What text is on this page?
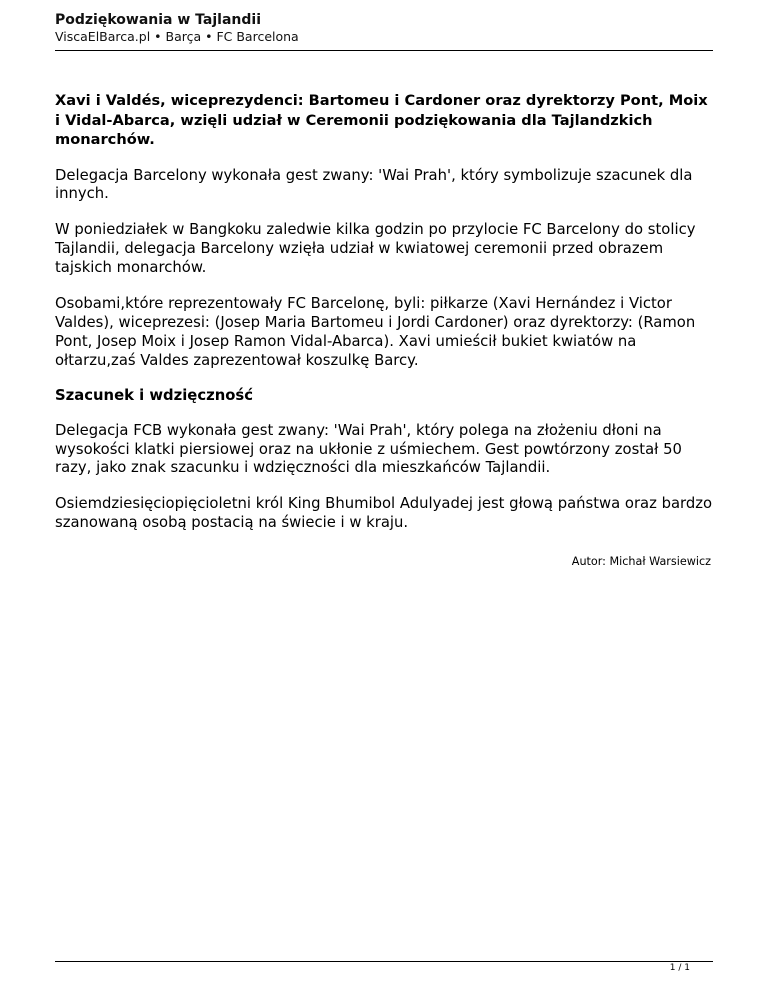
Podziękowania w Tajlandii
ViscaElBarca.pl • Barça • FC Barcelona
Xavi i Valdés, wiceprezydenci: Bartomeu i Cardoner oraz dyrektorzy Pont, Moix i Vidal-Abarca, wzięli udział w Ceremonii podziękowania dla Tajlandzkich monarchów.

Delegacja Barcelony wykonała gest zwany: 'Wai Prah', który symbolizuje szacunek dla innych.

W poniedziałek w Bangkoku zaledwie kilka godzin po przylocie FC Barcelony do stolicy Tajlandii, delegacja Barcelony wzięła udział w kwiatowej ceremonii przed obrazem tajskich monarchów.

Osobami,które reprezentowały FC Barcelonę, byli: piłkarze (Xavi Hernández i Victor Valdes), wiceprezesi: (Josep Maria Bartomeu i Jordi Cardoner) oraz dyrektorzy: (Ramon Pont, Josep Moix i Josep Ramon Vidal-Abarca). Xavi umieścił bukiet kwiatów na ołtarzu,zaś Valdes zaprezentował koszulkę Barcy.

Szacunek i wdzięczność

Delegacja FCB wykonała gest zwany: 'Wai Prah', który polega na złożeniu dłoni na wysokości klatki piersiowej oraz na ukłonie z uśmiechem. Gest powtórzony został 50 razy, jako znak szacunku i wdzięczności dla mieszkańców Tajlandii.

Osiemdziesięciopięcioletni król King Bhumibol Adulyadej jest głową państwa oraz bardzo szanowaną osobą postacią na świecie i w kraju.

Autor: Michał Warsiewicz
1 / 1
